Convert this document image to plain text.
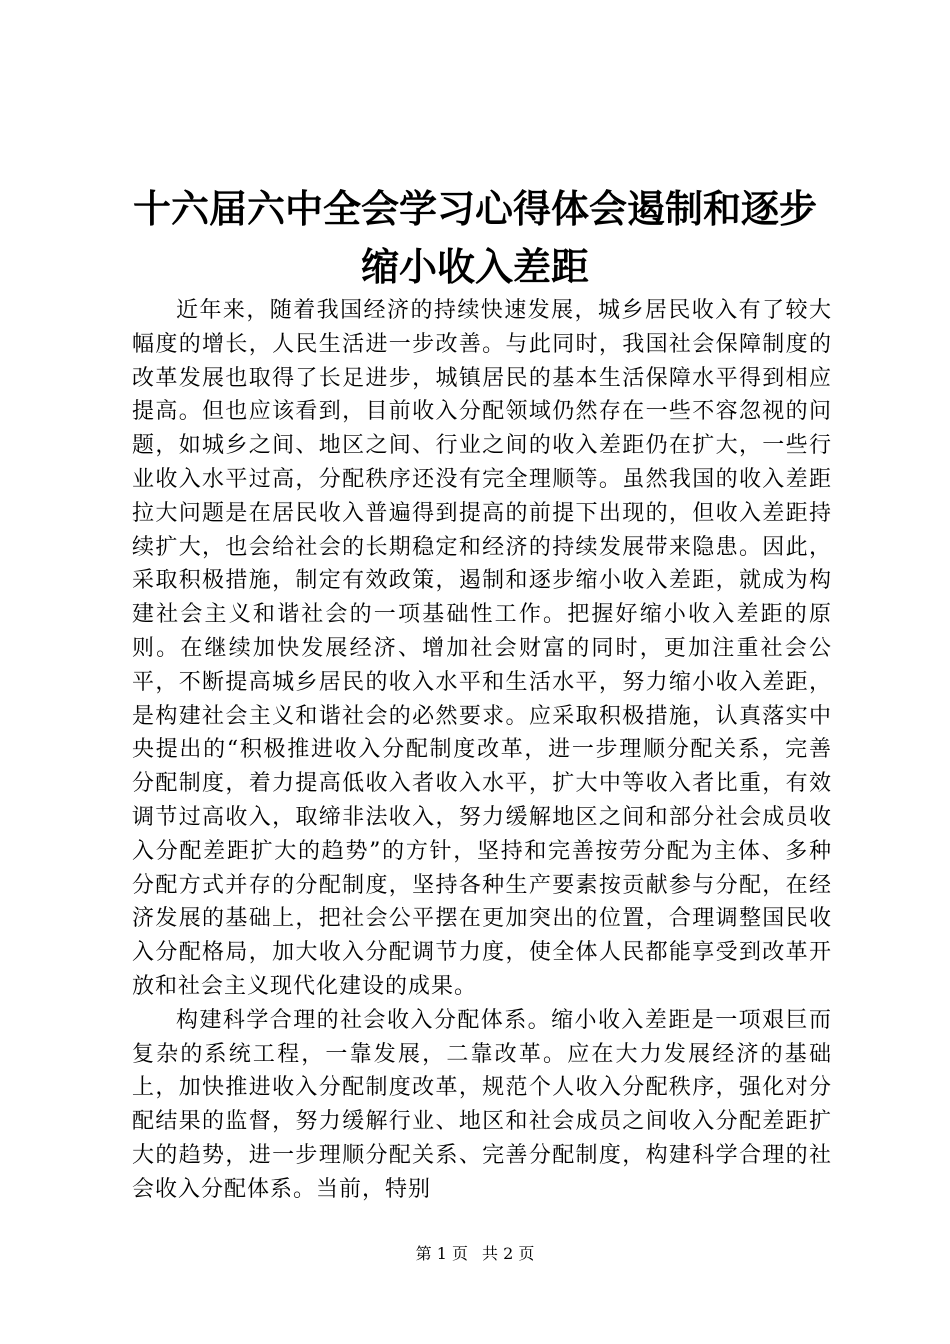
十六届六中全会学习心得体会遏制和逐步缩小收入差距

近年来，随着我国经济的持续快速发展，城乡居民收入有了较大幅度的增长，人民生活进一步改善。与此同时，我国社会保障制度的改革发展也取得了长足进步，城镇居民的基本生活保障水平得到相应提高。但也应该看到，目前收入分配领域仍然存在一些不容忽视的问题，如城乡之间、地区之间、行业之间的收入差距仍在扩大，一些行业收入水平过高，分配秩序还没有完全理顺等。虽然我国的收入差距拉大问题是在居民收入普遍得到提高的前提下出现的，但收入差距持续扩大，也会给社会的长期稳定和经济的持续发展带来隐患。因此，采取积极措施，制定有效政策，遏制和逐步缩小收入差距，就成为构建社会主义和谐社会的一项基础性工作。把握好缩小收入差距的原则。在继续加快发展经济、增加社会财富的同时，更加注重社会公平，不断提高城乡居民的收入水平和生活水平，努力缩小收入差距，是构建社会主义和谐社会的必然要求。应采取积极措施，认真落实中央提出的“积极推进收入分配制度改革，进一步理顺分配关系，完善分配制度，着力提高低收入者收入水平，扩大中等收入者比重，有效调节过高收入，取缔非法收入，努力缓解地区之间和部分社会成员收入分配差距扩大的趋势”的方针，坚持和完善按劳分配为主体、多种分配方式并存的分配制度，坚持各种生产要素按贡献参与分配，在经济发展的基础上，把社会公平摆在更加突出的位置，合理调整国民收入分配格局，加大收入分配调节力度，使全体人民都能享受到改革开放和社会主义现代化建设的成果。

构建科学合理的社会收入分配体系。缩小收入差距是一项艰巨而复杂的系统工程，一靠发展，二靠改革。应在大力发展经济的基础上，加快推进收入分配制度改革，规范个人收入分配秩序，强化对分配结果的监督，努力缓解行业、地区和社会成员之间收入分配差距扩大的趋势，进一步理顺分配关系、完善分配制度，构建科学合理的社会收入分配体系。当前，特别

第 1 页 共 2 页
